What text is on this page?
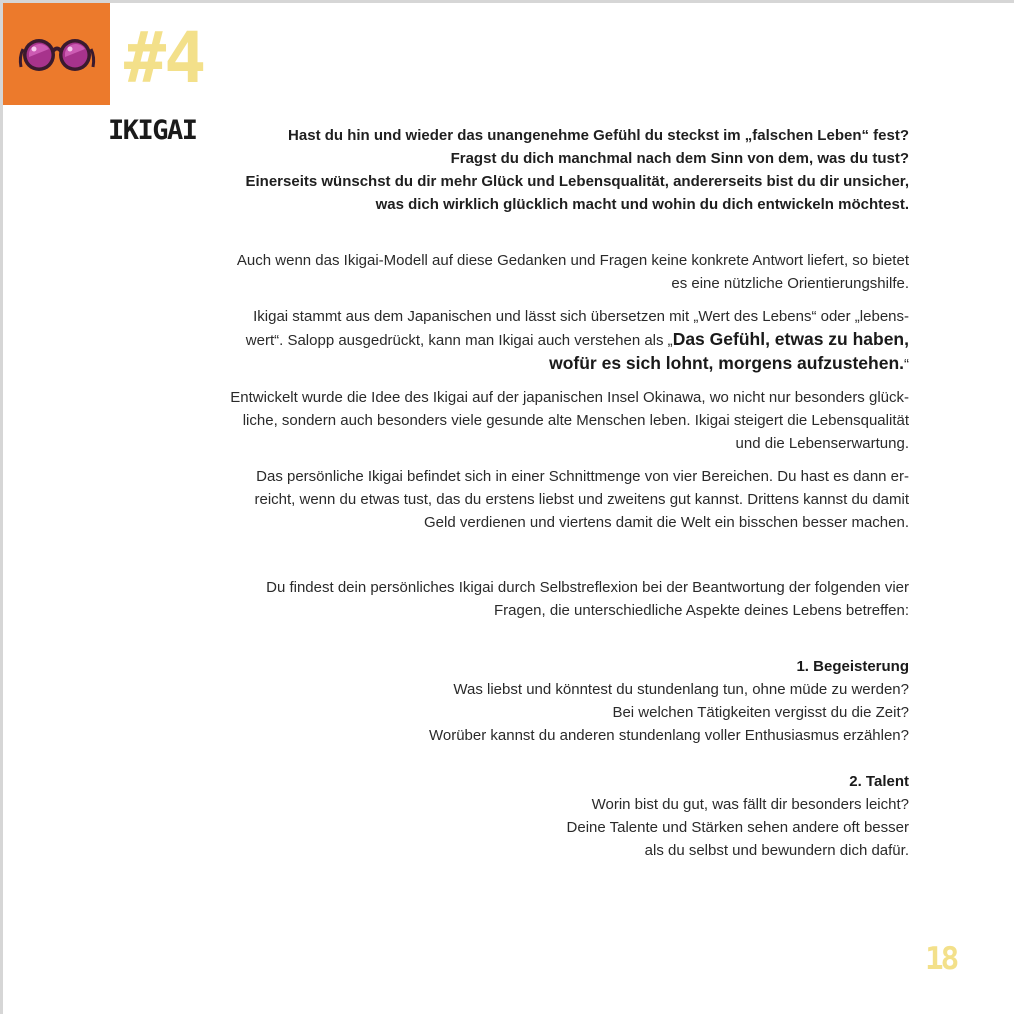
#4
IKIGAI	Hast du hin und wieder das unangenehme Gefühl du steckst im „falschen Leben“ fest?

Fragst du dich manchmal nach dem Sinn von dem, was du tust?

Einerseits wünschst du dir mehr Glück und Lebensqualität, andererseits bist du dir unsicher,

was dich wirklich glücklich macht und wohin du dich entwickeln möchtest.

Auch wenn das Ikigai-Modell auf diese Gedanken und Fragen keine konkrete Antwort liefert, so bietet

es eine nützliche Orientierungshilfe.

Ikigai stammt aus dem Japanischen und lässt sich übersetzen mit „Wert des Lebens“ oder „lebens-

wert“. Salopp ausgedrückt, kann man Ikigai auch verstehen als „Das Gefühl, etwas zu haben,

wofür es sich lohnt, morgens aufzustehen.“

Entwickelt wurde die Idee des Ikigai auf der japanischen Insel Okinawa, wo nicht nur besonders glück-

liche, sondern auch besonders viele gesunde alte Menschen leben. Ikigai steigert die Lebensqualität

und die Lebenserwartung.

Das persönliche Ikigai befindet sich in einer Schnittmenge von vier Bereichen. Du hast es dann er-

reicht, wenn du etwas tust, das du erstens liebst und zweitens gut kannst. Drittens kannst du damit

Geld verdienen und viertens damit die Welt ein bisschen besser machen.

Du findest dein persönliches Ikigai durch Selbstreflexion bei der Beantwortung der folgenden vier

Fragen, die unterschiedliche Aspekte deines Lebens betreffen:

1. Begeisterung

Was liebst und könntest du stundenlang tun, ohne müde zu werden?

Bei welchen Tätigkeiten vergisst du die Zeit?

Worüber kannst du anderen stundenlang voller Enthusiasmus erzählen?

2. Talent

Worin bist du gut, was fällt dir besonders leicht?

Deine Talente und Stärken sehen andere oft besser

als du selbst und bewundern dich dafür.

18
